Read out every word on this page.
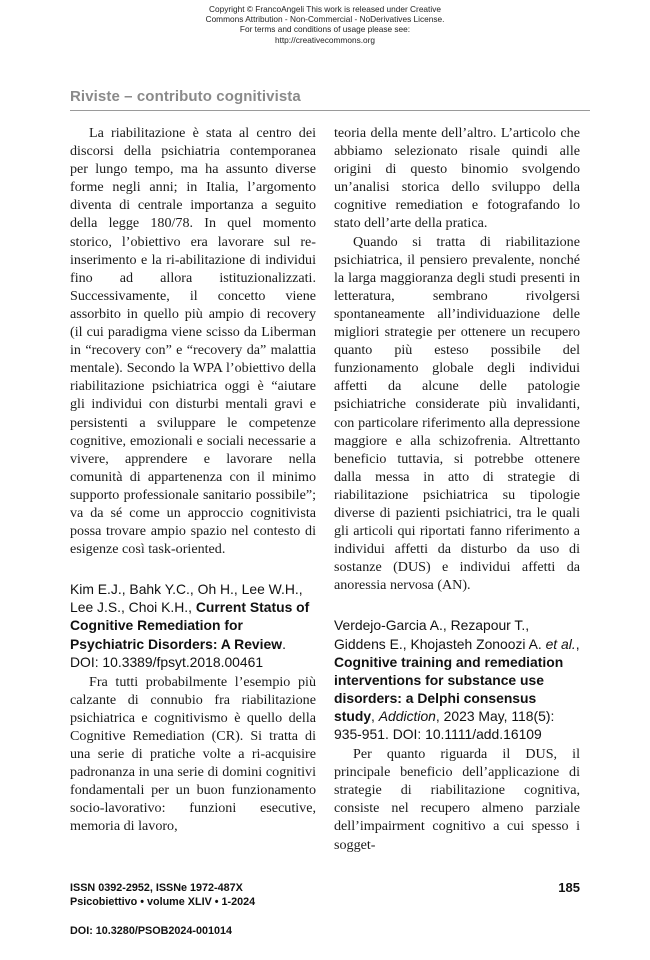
Copyright © FrancoAngeli This work is released under Creative
Commons Attribution - Non-Commercial - NoDerivatives License.
For terms and conditions of usage please see:
http://creativecommons.org
Riviste – contributo cognitivista

La riabilitazione è stata al centro dei discorsi della psichiatria contemporanea per lungo tempo, ma ha assunto diverse forme negli anni; in Italia, l’argomento diventa di centrale importanza a seguito della legge 180/78. In quel momento storico, l’obiettivo era lavorare sul re-inserimento e la ri-abilitazione di individui fino ad allora istituzionalizzati. Successivamente, il concetto viene assorbito in quello più ampio di recovery (il cui paradigma viene scisso da Liberman in “recovery con” e “recovery da” malattia mentale). Secondo la WPA l’obiettivo della riabilitazione psichiatrica oggi è “aiutare gli individui con disturbi mentali gravi e persistenti a sviluppare le competenze cognitive, emozionali e sociali necessarie a vivere, apprendere e lavorare nella comunità di appartenenza con il minimo supporto professionale sanitario possibile”; va da sé come un approccio cognitivista possa trovare ampio spazio nel contesto di esigenze così task-oriented.

Kim E.J., Bahk Y.C., Oh H., Lee W.H., Lee J.S., Choi K.H., Current Status of Cognitive Remediation for Psychiatric Disorders: A Review. DOI: 10.3389/fpsyt.2018.00461

Fra tutti probabilmente l’esempio più calzante di connubio fra riabilitazione psichiatrica e cognitivismo è quello della Cognitive Remediation (CR). Si tratta di una serie di pratiche volte a ri-acquisire padronanza in una serie di domini cognitivi fondamentali per un buon funzionamento socio-lavorativo: funzioni esecutive, memoria di lavoro,

teoria della mente dell’altro. L’articolo che abbiamo selezionato risale quindi alle origini di questo binomio svolgendo un’analisi storica dello sviluppo della cognitive remediation e fotografando lo stato dell’arte della pratica.

Quando si tratta di riabilitazione psichiatrica, il pensiero prevalente, nonché la larga maggioranza degli studi presenti in letteratura, sembrano rivolgersi spontaneamente all’individuazione delle migliori strategie per ottenere un recupero quanto più esteso possibile del funzionamento globale degli individui affetti da alcune delle patologie psichiatriche considerate più invalidanti, con particolare riferimento alla depressione maggiore e alla schizofrenia. Altrettanto beneficio tuttavia, si potrebbe ottenere dalla messa in atto di strategie di riabilitazione psichiatrica su tipologie diverse di pazienti psichiatrici, tra le quali gli articoli qui riportati fanno riferimento a individui affetti da disturbo da uso di sostanze (DUS) e individui affetti da anoressia nervosa (AN).

Verdejo-Garcia A., Rezapour T., Giddens E., Khojasteh Zonoozi A. et al., Cognitive training and remediation interventions for substance use disorders: a Delphi consensus study, Addiction, 2023 May, 118(5): 935-951. DOI: 10.1111/add.16109

Per quanto riguarda il DUS, il principale beneficio dell’applicazione di strategie di riabilitazione cognitiva, consiste nel recupero almeno parziale dell’impairment cognitivo a cui spesso i sogget-

ISSN 0392-2952, ISSNe 1972-487X
Psicobiettivo • volume XLIV • 1-2024
185
DOI: 10.3280/PSOB2024-001014
